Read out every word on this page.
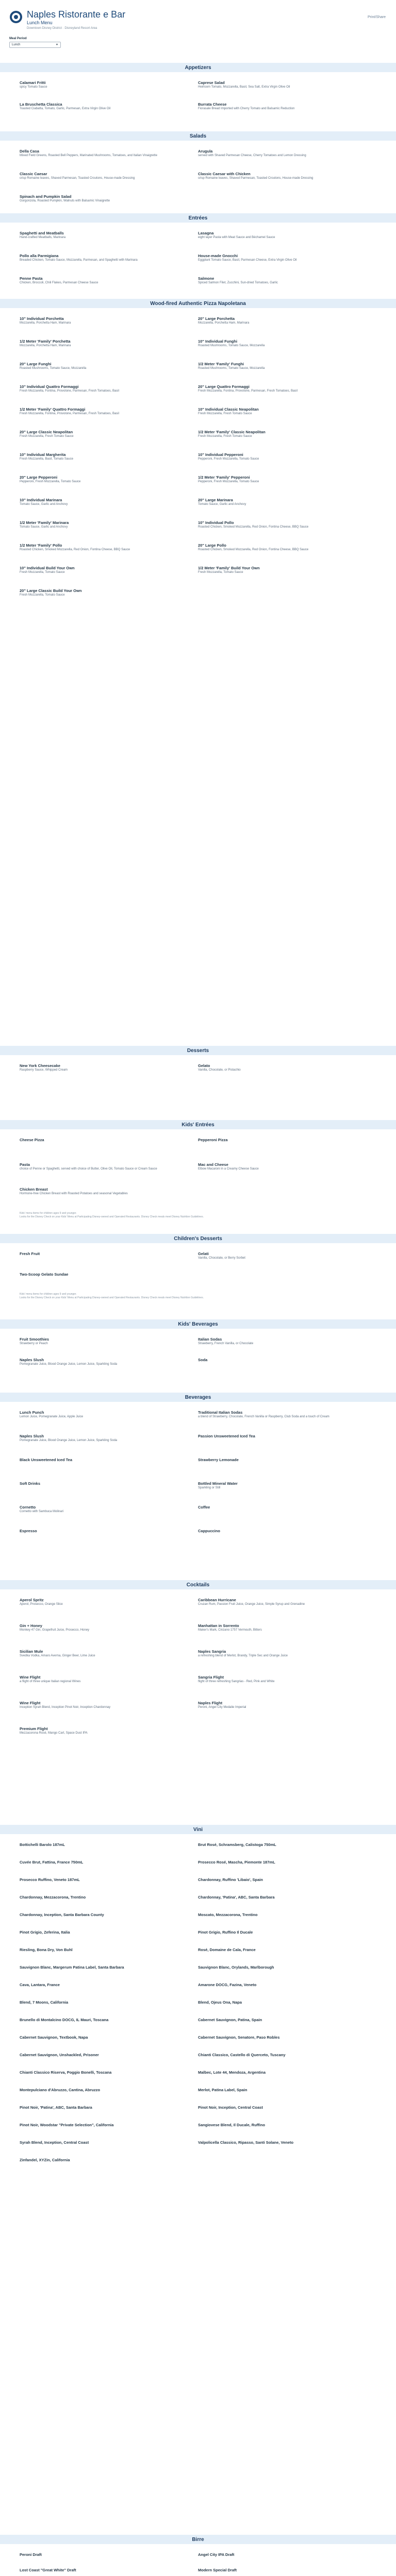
Naples Ristorante e Bar
Lunch Menu
Downtown Disney District · Disneyland Resort Area
Print/Share
Meal Period
Lunch	▼
Appetizers
Calamari Fritti
spicy Tomato Sauce
Caprese Salad
Heirloom Tomato, Mozzarella, Basil, Sea Salt, Extra Virgin Olive Oil
La Bruschetta Classica
Toasted Ciabatta, Tomato, Garlic, Parmesan, Extra Virgin Olive Oil
Burrata Cheese
Fiorasale Bread Imported with Cherry Tomato and Balsamic Reduction
Salads
Della Casa
Mixed Field Greens, Roasted Bell Peppers, Marinated Mushrooms, Tomatoes, and Italian Vinaigrette
Arugula
served with Shaved Parmesan Cheese, Cherry Tomatoes and Lemon Dressing
Classic Caesar
crisp Romaine leaves, Shaved Parmesan, Toasted Croutons, House-made Dressing
Classic Caesar with Chicken
crisp Romaine leaves, Shaved Parmesan, Toasted Croutons, House-made Dressing
Spinach and Pumpkin Salad
Gorgonzola, Roasted Pumpkin, Walnuts with Balsamic Vinaigrette
Entrées
Spaghetti and Meatballs
Hand-crafted Meatballs, Marinara
Lasagna
eight layer Pasta with Meat Sauce and Béchamel Sauce
Pollo alla Parmigiana
Breaded Chicken, Tomato Sauce, Mozzarella, Parmesan, and Spaghetti with Marinara
House-made Gnocchi
Eggplant Tomato Sauce, Basil, Parmesan Cheese, Extra Virgin Olive Oil
Penne Pasta
Chicken, Broccoli, Chili Flakes, Parmesan Cheese Sauce
Salmone
Spiced Salmon Filet, Zucchini, Sun-dried Tomatoes, Garlic
Wood-fired Authentic Pizza Napoletana
10" Individual Porchetta
Mozzarella, Porchetta Ham, Marinara
20" Large Porchetta
Mozzarella, Porchetta Ham, Marinara
1/2 Meter 'Family' Porchetta
Mozzarella, Porchetta Ham, Marinara
10" Individual Funghi
Roasted Mushrooms, Tomato Sauce, Mozzarella
20" Large Funghi
Roasted Mushrooms, Tomato Sauce, Mozzarella
1/2 Meter 'Family' Funghi
Roasted Mushrooms, Tomato Sauce, Mozzarella
10" Individual Quattro Formaggi
Fresh Mozzarella, Fontina, Provolone, Parmesan, Fresh Tomatoes, Basil
20" Large Quattro Formaggi
Fresh Mozzarella, Fontina, Provolone, Parmesan, Fresh Tomatoes, Basil
1/2 Meter 'Family' Quattro Formaggi
Fresh Mozzarella, Fontina, Provolone, Parmesan, Fresh Tomatoes, Basil
10" Individual Classic Neapolitan
Fresh Mozzarella, Fresh Tomato Sauce
20" Large Classic Neapolitan
Fresh Mozzarella, Fresh Tomato Sauce
1/2 Meter 'Family' Classic Neapolitan
Fresh Mozzarella, Fresh Tomato Sauce
10" Individual Margherita
Fresh Mozzarella, Basil, Tomato Sauce
10" Individual Pepperoni
Pepperoni, Fresh Mozzarella, Tomato Sauce
20" Large Pepperoni
Pepperoni, Fresh Mozzarella, Tomato Sauce
1/2 Meter 'Family' Pepperoni
Pepperoni, Fresh Mozzarella, Tomato Sauce
10" Individual Marinara
Tomato Sauce, Garlic and Anchovy
20" Large Marinara
Tomato Sauce, Garlic and Anchovy
1/2 Meter 'Family' Marinara
Tomato Sauce, Garlic and Anchovy
10" Individual Pollo
Roasted Chicken, Smoked Mozzarella, Red Onion, Fontina Cheese, BBQ Sauce
1/2 Meter 'Family' Pollo
Roasted Chicken, Smoked Mozzarella, Red Onion, Fontina Cheese, BBQ Sauce
20" Large Pollo
Roasted Chicken, Smoked Mozzarella, Red Onion, Fontina Cheese, BBQ Sauce
10" Individual Build Your Own
Fresh Mozzarella, Tomato Sauce
1/2 Meter 'Family' Build Your Own
Fresh Mozzarella, Tomato Sauce
20" Large Classic Build Your Own
Fresh Mozzarella, Tomato Sauce
Desserts
New York Cheesecake
Raspberry Sauce, Whipped Cream
Gelato
Vanilla, Chocolate, or Pistachio
Kids' Entrées
Cheese Pizza	Pepperoni Pizza
Pasta
choice of Penne or Spaghetti, served with choice of Butter, Olive Oil, Tomato Sauce or Cream Sauce
Mac and Cheese
Elbow Macaroni in a Creamy Cheese Sauce
Chicken Breast
Hormone-free Chicken Breast with Roasted Potatoes and seasonal Vegetables
Kids' menu items for children ages 9 and younger.
Looks for the Disney Check on your Kids' Menu at Participating Disney-owned and Operated Restaurants. Disney Check meals meet Disney Nutrition Guidelines.
Children's Desserts
Fresh Fruit	Gelati
Vanilla, Chocolate, or Berry Sorbet
Two-Scoop Gelato Sundae
Kids' menu items for children ages 9 and younger.
Looks for the Disney Check on your Kids' Menu at Participating Disney-owned and Operated Restaurants. Disney Check meals meet Disney Nutrition Guidelines.
Kids' Beverages
Fruit Smoothies
Strawberry or Peach
Italian Sodas
Strawberry, French Vanilla, or Chocolate
Naples Slush
Pomegranate Juice, Blood Orange Juice, Lemon Juice, Sparkling Soda
Soda
Beverages
Lunch Punch
Lemon Juice, Pomegranate Juice, Apple Juice
Traditional Italian Sodas
a blend of Strawberry, Chocolate, French Vanilla or Raspberry, Club Soda and a touch of Cream
Naples Slush
Pomegranate Juice, Blood Orange Juice, Lemon Juice, Sparkling Soda
Passion Unsweetened Iced Tea
Black Unsweetened Iced Tea	Strawberry Lemonade
Soft Drinks	Bottled Mineral Water
Sparkling or Still
Cornetto
Cornetto with Sambuca Molinari
Coffee
Espresso	Cappuccino
Cocktails
Aperol Spritz
Aperol, Prosecco, Orange Slice
Caribbean Hurricane
Cruzan Rum, Passion Fruit Juice, Orange Juice, Simple Syrup and Grenadine
Gin + Honey
Monkey 47 Gin, Grapefruit Juice, Prosecco, Honey
Manhattan in Sorrento
Maker's Mark, Cinzano 1757 Vermouth, Bitters
Sicilian Mule
Svedka Vodka, Amaro Averna, Ginger Beer, Lime Juice
Naples Sangria
a refreshing blend of Merlot, Brandy, Triple Sec and Orange Juice
Wine Flight
a flight of three unique Italian regional Wines
Sangria Flight
flight of three refreshing Sangrias - Red, Pink and White
Wine Flight
Inception Syrah Blend, Inception Pinot Noir, Inception Chardonnay
Naples Flight
Peroni, Angel City Medalie Imperial
Premium Flight
Mezzacorona Rosé, Mango Cart, Space Dust IPA
Vini
Bottichelli Barolo 187mL	Brut Rosé, Schramsberg, Calistoga 750mL
Cuvée Brut, Fattina, France 750mL	Prosecco Rosé, Mascha, Piemonte 187mL
Prosecco Ruffino, Veneto 187mL	Chardonnay, Ruffino 'Libaio', Spain
Chardonnay, Mezzacorona, Trentino	Chardonnay, 'Patina', ABC, Santa Barbara
Chardonnay, Inception, Santa Barbara County	Moscato, Mezzacorona, Trentino
Pinot Grigio, Zeferina, Italia	Pinot Grigio, Ruffino Il Ducale
Riesling, Bona Dry, Von Buhl	Rosé, Domaine de Cala, France
Sauvignon Blanc, Margerum Patina Label, Santa Barbara	Sauvignon Blanc, Orylands, Marlborough
Cava, Lantara, France	Amarone DOCG, Fazina, Veneto
Blend, 7 Moons, California	Blend, Ojeus Ona, Napa
Brunello di Montalcino DOCG, IL Mauri, Toscana	Cabernet Sauvignon, Patina, Spain
Cabernet Sauvignon, Textbook, Napa	Cabernet Sauvignon, Senatore, Paso Robles
Cabernet Sauvignon, Unshackled, Prisoner	Chianti Classico, Castello di Querceto, Tuscany
Chianti Classico Riserva, Poggio Bonelli, Toscana	Malbec, Lote 44, Mendoza, Argentina
Montepulciano d'Abruzzo, Cantina, Abruzzo	Merlot, Patina Label, Spain
Pinot Noir, 'Patina', ABC, Santa Barbara	Pinot Noir, Inception, Central Coast
Pinot Noir, Woodstar "Private Selection", California	Sangiovese Blend, Il Ducale, Ruffino
Syrah Blend, Inception, Central Coast	Valpolicella Classico, Ripasso, Santi Solane, Veneto
Zinfandel, XYZin, California
Birre
Peroni Draft	Angel City IPA Draft
Lost Coast "Great White" Draft	Modern Special Draft
